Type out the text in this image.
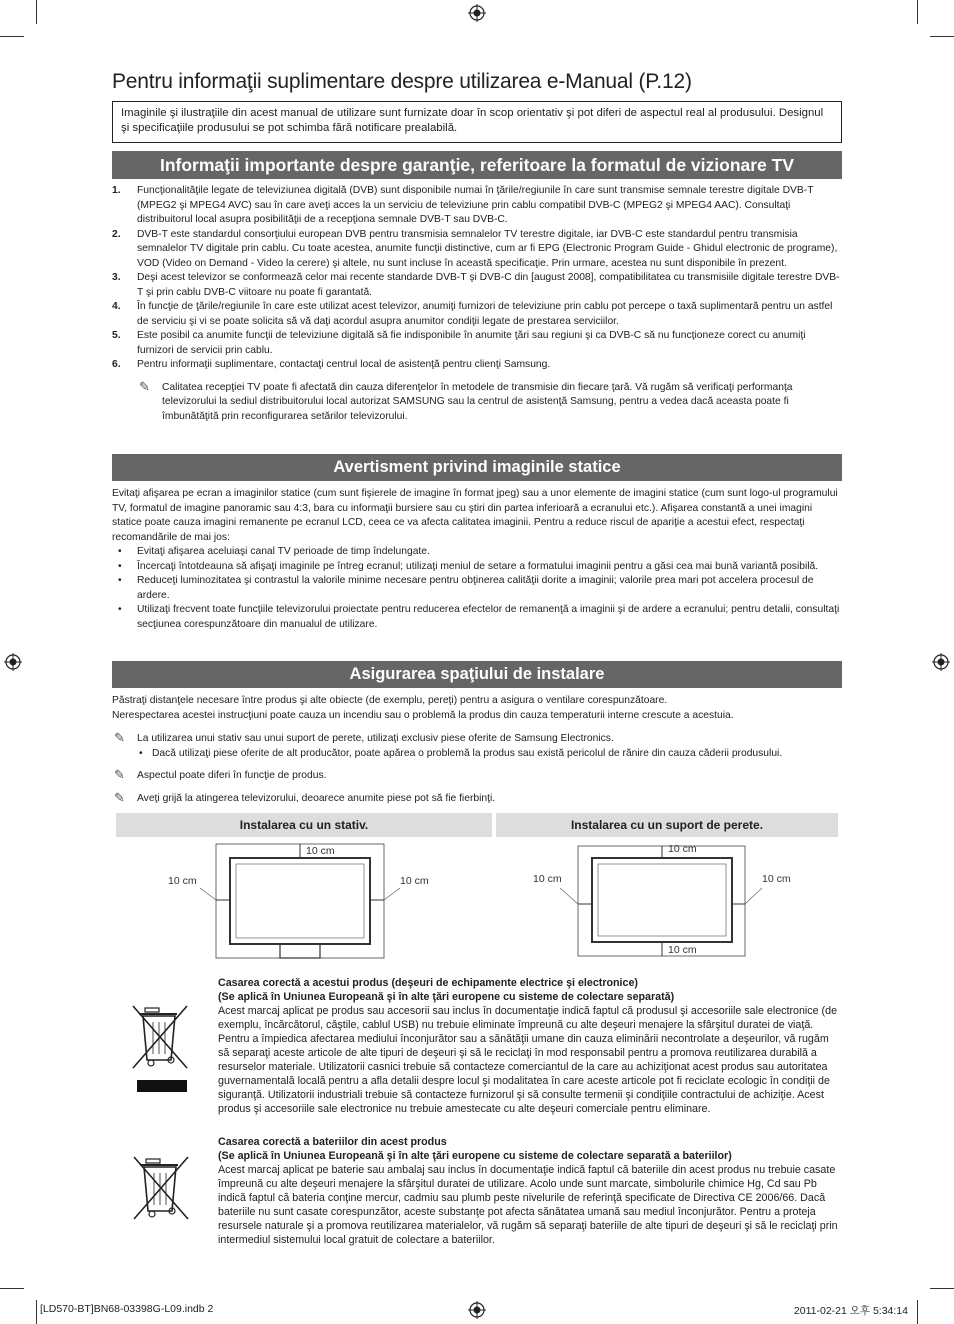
Pentru informaţii suplimentare despre utilizarea e-Manual (P.12)
Imaginile şi ilustraţiile din acest manual de utilizare sunt furnizate doar în scop orientativ şi pot diferi de aspectul real al produsului. Designul şi specificaţiile produsului se pot schimba fără notificare prealabilă.
Informaţii importante despre garanţie, referitoare la formatul de vizionare TV
1. Funcţionalităţile legate de televiziunea digitală (DVB) sunt disponibile numai în ţările/regiunile în care sunt transmise semnale terestre digitale DVB-T (MPEG2 şi MPEG4 AVC) sau în care aveţi acces la un serviciu de televiziune prin cablu compatibil DVB-C (MPEG2 şi MPEG4 AAC). Consultaţi distribuitorul local asupra posibilităţii de a recepţiona semnale DVB-T sau DVB-C.
2. DVB-T este standardul consorţiului european DVB pentru transmisia semnalelor TV terestre digitale, iar DVB-C este standardul pentru transmisia semnalelor TV digitale prin cablu. Cu toate acestea, anumite funcţii distinctive, cum ar fi EPG (Electronic Program Guide - Ghidul electronic de programe), VOD (Video on Demand - Video la cerere) şi altele, nu sunt incluse în această specificaţie. Prin urmare, acestea nu sunt disponibile în prezent.
3. Deşi acest televizor se conformează celor mai recente standarde DVB-T şi DVB-C din [august 2008], compatibilitatea cu transmisiile digitale terestre DVB-T şi prin cablu DVB-C viitoare nu poate fi garantată.
4. În funcţie de ţările/regiunile în care este utilizat acest televizor, anumiţi furnizori de televiziune prin cablu pot percepe o taxă suplimentară pentru un astfel de serviciu şi vi se poate solicita să vă daţi acordul asupra anumitor condiţii legate de prestarea serviciilor.
5. Este posibil ca anumite funcţii de televiziune digitală să fie indisponibile în anumite ţări sau regiuni şi ca DVB-C să nu funcţioneze corect cu anumiţi furnizori de servicii prin cablu.
6. Pentru informaţii suplimentare, contactaţi centrul local de asistenţă pentru clienţi Samsung.
✎ Calitatea recepţiei TV poate fi afectată din cauza diferenţelor în metodele de transmisie din fiecare ţară. Vă rugăm să verificaţi performanţa televizorului la sediul distribuitorului local autorizat SAMSUNG sau la centrul de asistenţă Samsung, pentru a vedea dacă aceasta poate fi îmbunătăţită prin reconfigurarea setărilor televizorului.
Avertisment privind imaginile statice
Evitaţi afişarea pe ecran a imaginilor statice (cum sunt fişierele de imagine în format jpeg) sau a unor elemente de imagini statice (cum sunt logo-ul programului TV, formatul de imagine panoramic sau 4:3, bara cu informaţii bursiere sau cu ştiri din partea inferioară a ecranului etc.). Afişarea constantă a unei imagini statice poate cauza imagini remanente pe ecranul LCD, ceea ce va afecta calitatea imaginii. Pentru a reduce riscul de apariţie a acestui efect, respectaţi recomandările de mai jos:
• Evitaţi afişarea aceluiaşi canal TV perioade de timp îndelungate.
• Încercaţi întotdeauna să afişaţi imaginile pe întreg ecranul; utilizaţi meniul de setare a formatului imaginii pentru a găsi cea mai bună variantă posibilă.
• Reduceţi luminozitatea şi contrastul la valorile minime necesare pentru obţinerea calităţii dorite a imaginii; valorile prea mari pot accelera procesul de ardere.
• Utilizaţi frecvent toate funcţiile televizorului proiectate pentru reducerea efectelor de remanenţă a imaginii şi de ardere a ecranului; pentru detalii, consultaţi secţiunea corespunzătoare din manualul de utilizare.
Asigurarea spaţiului de instalare
Păstraţi distanţele necesare între produs şi alte obiecte (de exemplu, pereţi) pentru a asigura o ventilare corespunzătoare.
Nerespectarea acestei instrucţiuni poate cauza un incendiu sau o problemă la produs din cauza temperaturii interne crescute a acestuia.
✎	La utilizarea unui stativ sau unui suport de perete, utilizaţi exclusiv piese oferite de Samsung Electronics.
• Dacă utilizaţi piese oferite de alt producător, poate apărea o problemă la produs sau există pericolul de rănire din cauza căderii produsului.
✎	Aspectul poate diferi în funcţie de produs.
✎	Aveţi grijă la atingerea televizorului, deoarece anumite piese pot să fie fierbinţi.
Instalarea cu un stativ.	Instalarea cu un suport de perete.
10 cm
10 cm	10 cm
10 cm
10 cm	10 cm
10 cm
Casarea corectă a acestui produs (deşeuri de echipamente electrice şi electronice)
(Se aplică în Uniunea Europeană şi în alte ţări europene cu sisteme de colectare separată)
Acest marcaj aplicat pe produs sau accesorii sau inclus în documentaţie indică faptul că produsul şi accesoriile sale electronice (de exemplu, încărcătorul, căştile, cablul USB) nu trebuie eliminate împreună cu alte deşeuri menajere la sfârşitul duratei de viaţă. Pentru a împiedica afectarea mediului înconjurător sau a sănătăţii umane din cauza eliminării necontrolate a deşeurilor, vă rugăm să separaţi aceste articole de alte tipuri de deşeuri şi să le reciclaţi în mod responsabil pentru a promova reutilizarea durabilă a resurselor materiale. Utilizatorii casnici trebuie să contacteze comerciantul de la care au achiziţionat acest produs sau autoritatea guvernamentală locală pentru a afla detalii despre locul şi modalitatea în care aceste articole pot fi reciclate ecologic în condiţii de siguranţă. Utilizatorii industriali trebuie să contacteze furnizorul şi să consulte termenii şi condiţiile contractului de achiziţie. Acest produs şi accesoriile sale electronice nu trebuie amestecate cu alte deşeuri comerciale pentru eliminare.
Casarea corectă a bateriilor din acest produs
(Se aplică în Uniunea Europeană şi în alte ţări europene cu sisteme de colectare separată a bateriilor)
Acest marcaj aplicat pe baterie sau ambalaj sau inclus în documentaţie indică faptul că bateriile din acest produs nu trebuie casate împreună cu alte deşeuri menajere la sfârşitul duratei de utilizare. Acolo unde sunt marcate, simbolurile chimice Hg, Cd sau Pb indică faptul că bateria conţine mercur, cadmiu sau plumb peste nivelurile de referinţă specificate de Directiva CE 2006/66. Dacă bateriile nu sunt casate corespunzător, aceste substanţe pot afecta sănătatea umană sau mediul înconjurător. Pentru a proteja resursele naturale şi a promova reutilizarea materialelor, vă rugăm să separaţi bateriile de alte tipuri de deşeuri şi să le reciclaţi prin intermediul sistemului local gratuit de colectare a bateriilor.
[LD570-BT]BN68-03398G-L09.indb 2	2011-02-21 오후 5:34:14
